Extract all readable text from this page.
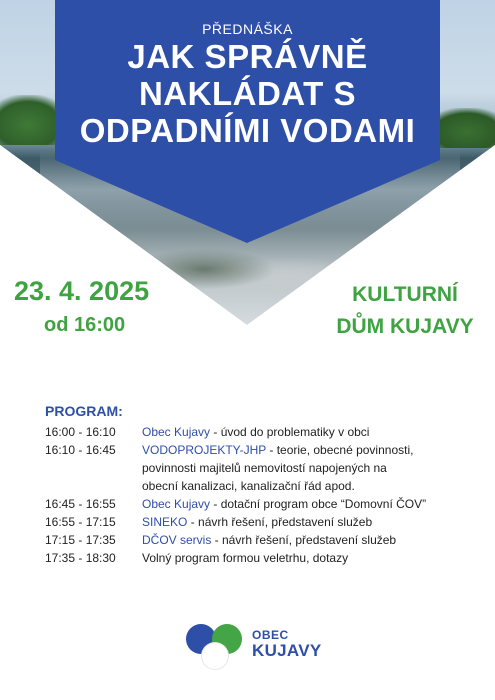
PŘEDNÁŠKA
JAK SPRÁVNĚ
NAKLÁDAT S
ODPADNÍMI VODAMI
23. 4. 2025
od 16:00
KULTURNÍ
DŮM KUJAVY
PROGRAM:
16:00 - 16:10	Obec Kujavy - úvod do problematiky v obci
16:10 - 16:45	VODOPROJEKTY-JHP - teorie, obecné povinnosti,
povinnosti majitelů nemovitostí napojených na
obecní kanalizaci, kanalizační řád apod.
16:45 - 16:55	Obec Kujavy - dotační program obce “Domovní ČOV”
16:55 - 17:15	SINEKO - návrh řešení, představení služeb
17:15 - 17:35	DČOV servis - návrh řešení, představení služeb
17:35 - 18:30	Volný program formou veletrhu, dotazy
OBEC
KUJAVY
